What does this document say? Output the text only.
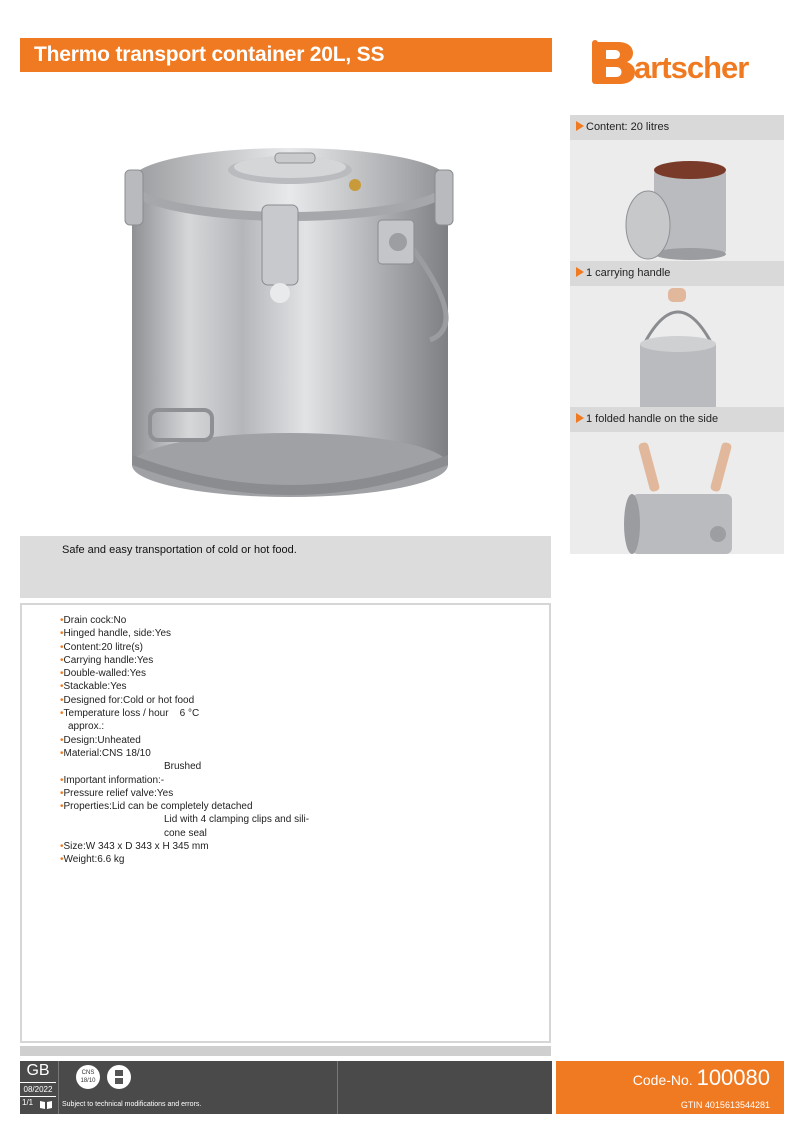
Thermo transport container 20L, SS	artscher
Content: 20 litres
1 carrying handle
1 folded handle on the side
Safe and easy transportation of cold or hot food.
•Drain cock:No
•Hinged handle, side:Yes
•Content:20 litre(s)
•Carrying handle:Yes
•Double-walled:Yes
•Stackable:Yes
•Designed for:Cold or hot food
•Temperature loss / hour    6 °C
approx.:
•Design:Unheated
•Material:CNS 18/10
Brushed
•Important information:-
•Pressure relief valve:Yes
•Properties:Lid can be completely detached
Lid with 4 clamping clips and sili-
cone seal
•Size:W 343 x D 343 x H 345 mm
•Weight:6.6 kg
GB
08/2022
1/1
CNS
18/10
Subject to technical modifications and errors.
Code-No. 100080
GTIN 4015613544281
